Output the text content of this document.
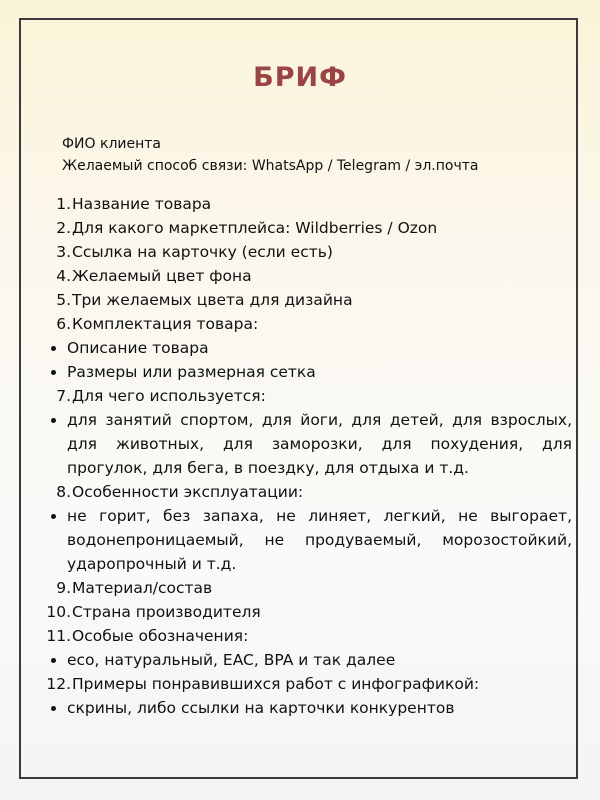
БРИФ
ФИО клиента
Желаемый способ связи: WhatsApp / Telegram / эл.почта
1. Название товара
2. Для какого маркетплейса: Wildberries / Ozon
3. Ссылка на карточку (если есть)
4. Желаемый цвет фона
5. Три желаемых цвета для дизайна
6. Комплектация товара:
Описание товара
Размеры или размерная сетка
7. Для чего используется:
для занятий спортом, для йоги, для детей, для взрослых, для животных, для заморозки, для похудения, для прогулок, для бега, в поездку, для отдыха и т.д.
8. Особенности эксплуатации:
не горит, без запаха, не линяет, легкий, не выгорает, водонепроницаемый, не продуваемый, морозостойкий, ударопрочный и т.д.
9. Материал/состав
10. Страна производителя
11. Особые обозначения:
eco, натуральный, EAC, BPA и так далее
12. Примеры понравившихся работ с инфографикой:
скрины, либо ссылки на карточки конкурентов
